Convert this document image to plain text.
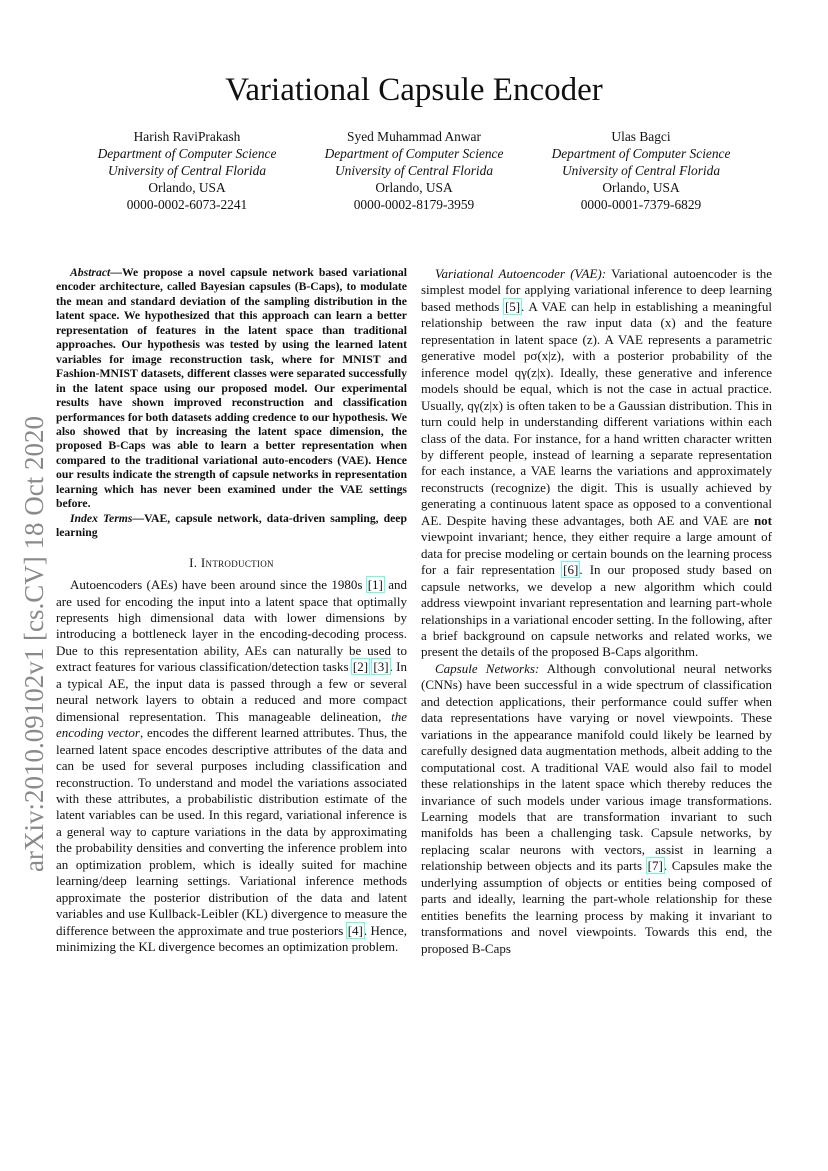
Variational Capsule Encoder
Harish RaviPrakash
Department of Computer Science
University of Central Florida
Orlando, USA
0000-0002-6073-2241
Syed Muhammad Anwar
Department of Computer Science
University of Central Florida
Orlando, USA
0000-0002-8179-3959
Ulas Bagci
Department of Computer Science
University of Central Florida
Orlando, USA
0000-0001-7379-6829
arXiv:2010.09102v1 [cs.CV] 18 Oct 2020

Abstract—We propose a novel capsule network based variational encoder architecture, called Bayesian capsules (B-Caps), to modulate the mean and standard deviation of the sampling distribution in the latent space. We hypothesized that this approach can learn a better representation of features in the latent space than traditional approaches. Our hypothesis was tested by using the learned latent variables for image reconstruction task, where for MNIST and Fashion-MNIST datasets, different classes were separated successfully in the latent space using our proposed model. Our experimental results have shown improved reconstruction and classification performances for both datasets adding credence to our hypothesis. We also showed that by increasing the latent space dimension, the proposed B-Caps was able to learn a better representation when compared to the traditional variational auto-encoders (VAE). Hence our results indicate the strength of capsule networks in representation learning which has never been examined under the VAE settings before.

Index Terms—VAE, capsule network, data-driven sampling, deep learning

I. Introduction

Autoencoders (AEs) have been around since the 1980s [1] and are used for encoding the input into a latent space that optimally represents high dimensional data with lower dimensions by introducing a bottleneck layer in the encoding-decoding process. Due to this representation ability, AEs can naturally be used to extract features for various classification/detection tasks [2] [3]. In a typical AE, the input data is passed through a few or several neural network layers to obtain a reduced and more compact dimensional representation. This manageable delineation, the encoding vector, encodes the different learned attributes. Thus, the learned latent space encodes descriptive attributes of the data and can be used for several purposes including classification and reconstruction. To understand and model the variations associated with these attributes, a probabilistic distribution estimate of the latent variables can be used. In this regard, variational inference is a general way to capture variations in the data by approximating the probability densities and converting the inference problem into an optimization problem, which is ideally suited for machine learning/deep learning settings. Variational inference methods approximate the posterior distribution of the data and latent variables and use Kullback-Leibler (KL) divergence to measure the difference between the approximate and true posteriors [4]. Hence, minimizing the KL divergence becomes an optimization problem.

Variational Autoencoder (VAE): Variational autoencoder is the simplest model for applying variational inference to deep learning based methods [5]. A VAE can help in establishing a meaningful relationship between the raw input data (x) and the feature representation in latent space (z). A VAE represents a parametric generative model pσ(x|z), with a posterior probability of the inference model qγ(z|x). Ideally, these generative and inference models should be equal, which is not the case in actual practice. Usually, qγ(z|x) is often taken to be a Gaussian distribution. This in turn could help in understanding different variations within each class of the data. For instance, for a hand written character written by different people, instead of learning a separate representation for each instance, a VAE learns the variations and approximately reconstructs (recognize) the digit. This is usually achieved by generating a continuous latent space as opposed to a conventional AE. Despite having these advantages, both AE and VAE are not viewpoint invariant; hence, they either require a large amount of data for precise modeling or certain bounds on the learning process for a fair representation [6]. In our proposed study based on capsule networks, we develop a new algorithm which could address viewpoint invariant representation and learning part-whole relationships in a variational encoder setting. In the following, after a brief background on capsule networks and related works, we present the details of the proposed B-Caps algorithm.

Capsule Networks: Although convolutional neural networks (CNNs) have been successful in a wide spectrum of classification and detection applications, their performance could suffer when data representations have varying or novel viewpoints. These variations in the appearance manifold could likely be learned by carefully designed data augmentation methods, albeit adding to the computational cost. A traditional VAE would also fail to model these relationships in the latent space which thereby reduces the invariance of such models under various image transformations. Learning models that are transformation invariant to such manifolds has been a challenging task. Capsule networks, by replacing scalar neurons with vectors, assist in learning a relationship between objects and its parts [7]. Capsules make the underlying assumption of objects or entities being composed of parts and ideally, learning the part-whole relationship for these entities benefits the learning process by making it invariant to transformations and novel viewpoints. Towards this end, the proposed B-Caps
